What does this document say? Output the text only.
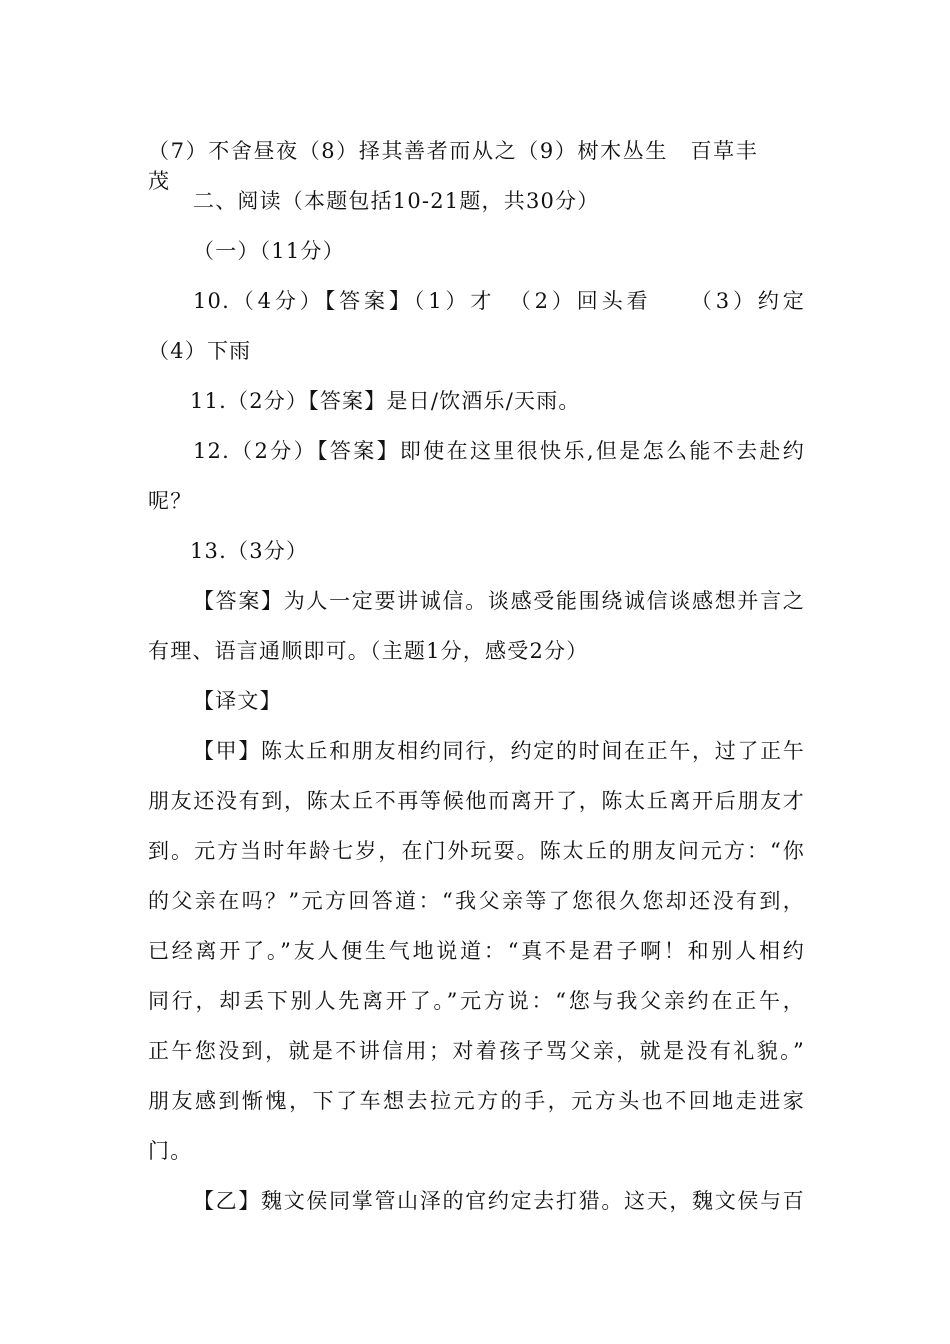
（7）不舍昼夜（8）择其善者而从之（9）树木丛生　百草丰茂
二、阅读（本题包括10-21题，共30分）
（一）（11分）
10.（4分）【答案】（1）才　（2）回头看　　（3）约定
（4）下雨
11.（2分）【答案】是日/饮酒乐/天雨。
12.（2分）【答案】即使在这里很快乐,但是怎么能不去赴约
呢？
13.（3分）
【答案】为人一定要讲诚信。谈感受能围绕诚信谈感想并言之
有理、语言通顺即可。（主题1分，感受2分）
【译文】
【甲】陈太丘和朋友相约同行，约定的时间在正午，过了正午
朋友还没有到，陈太丘不再等候他而离开了，陈太丘离开后朋友才
到。元方当时年龄七岁，在门外玩耍。陈太丘的朋友问元方：“你
的父亲在吗？”元方回答道：“我父亲等了您很久您却还没有到，
已经离开了。”友人便生气地说道：“真不是君子啊！和别人相约
同行，却丢下别人先离开了。”元方说：“您与我父亲约在正午，
正午您没到，就是不讲信用；对着孩子骂父亲，就是没有礼貌。”
朋友感到惭愧，下了车想去拉元方的手，元方头也不回地走进家
门。
【乙】魏文侯同掌管山泽的官约定去打猎。这天，魏文侯与百
